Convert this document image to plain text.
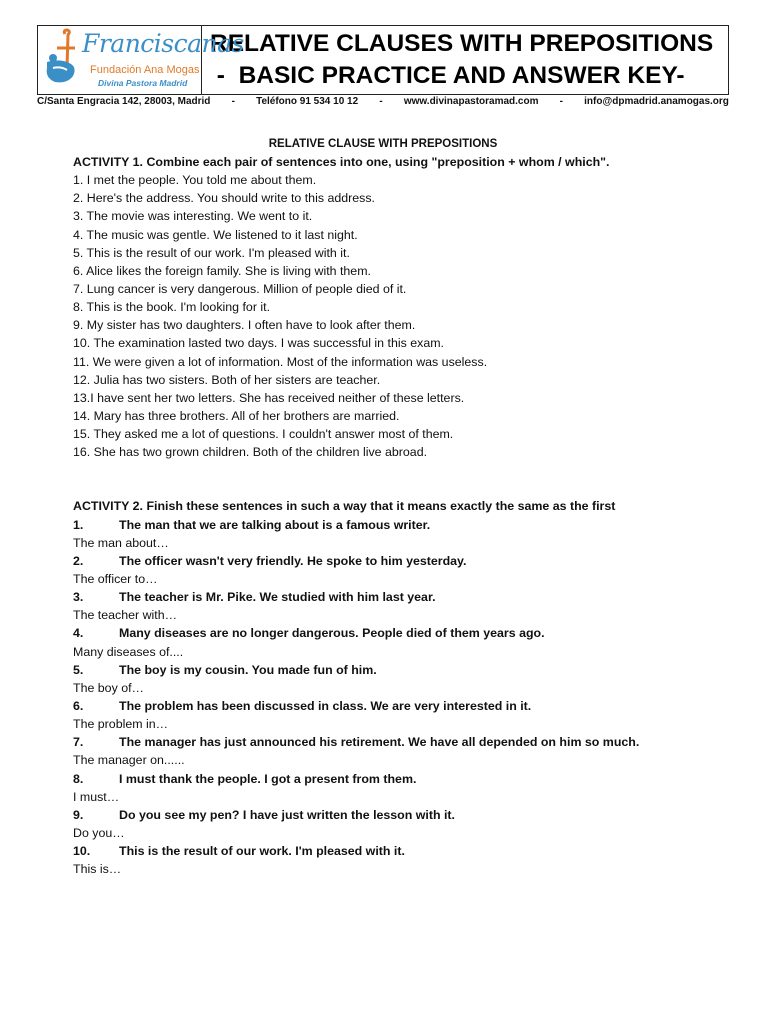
Franciscanas
Fundación Ana Mogas
Divina Pastora Madrid
RELATIVE CLAUSES WITH PREPOSITIONS
-  BASIC PRACTICE AND ANSWER KEY-
C/Santa Engracia 142, 28003, Madrid - Teléfono 91 534 10 12 - www.divinapastoramad.com - info@dpmadrid.anamogas.org
RELATIVE CLAUSE WITH PREPOSITIONS
ACTIVITY 1. Combine each pair of sentences into one, using "preposition + whom / which".
1. I met the people. You told me about them.
2. Here's the address. You should write to this address.
3. The movie was interesting. We went to it.
4. The music was gentle. We listened to it last night.
5. This is the result of our work. I'm pleased with it.
6. Alice likes the foreign family. She is living with them.
7. Lung cancer is very dangerous. Million of people died of it.
8. This is the book. I'm looking for it.
9. My sister has two daughters. I often have to look after them.
10. The examination lasted two days. I was successful in this exam.
11. We were given a lot of information. Most of the information was useless.
12. Julia has two sisters. Both of her sisters are teacher.
13.I have sent her two letters. She has received neither of these letters.
14. Mary has three brothers. All of her brothers are married.
15. They asked me a lot of questions. I couldn't answer most of them.
16. She has two grown children. Both of the children live abroad.
ACTIVITY 2. Finish these sentences in such a way that it means exactly the same as the first
1.	The man that we are talking about is a famous writer.
The man about…
2.	The officer wasn't very friendly. He spoke to him yesterday.
The officer to…
3.	The teacher is Mr. Pike. We studied with him last year.
The teacher with…
4.	Many diseases are no longer dangerous. People died of them years ago.
Many diseases of....
5.	The boy is my cousin. You made fun of him.
The boy of…
6.	The problem has been discussed in class. We are very interested in it.
The problem in…
7.	The manager has just announced his retirement. We have all depended on him so much.
The manager on......
8.	I must thank the people. I got a present from them.
I must…
9.	Do you see my pen? I have just written the lesson with it.
Do you…
10.	This is the result of our work. I'm pleased with it.
This is…
